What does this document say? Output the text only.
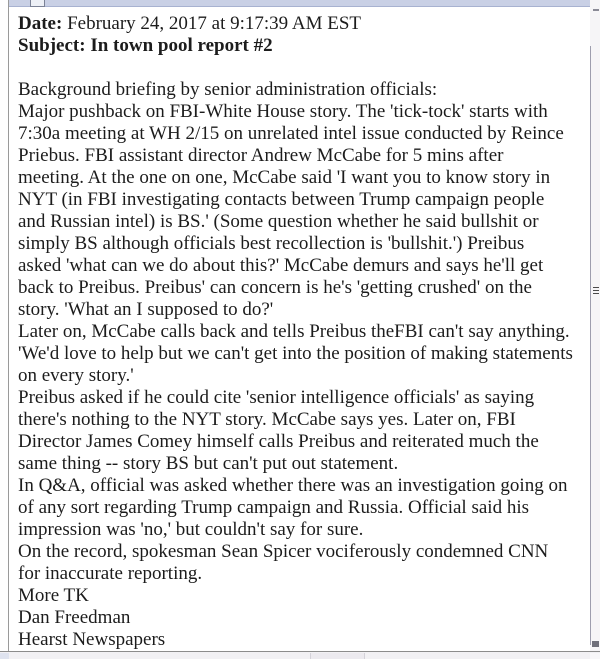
Date: February 24, 2017 at 9:17:39 AM EST
Subject: In town pool report #2
Background briefing by senior administration officials:
Major pushback on FBI-White House story. The 'tick-tock' starts with
7:30a meeting at WH 2/15 on unrelated intel issue conducted by Reince
Priebus. FBI assistant director Andrew McCabe for 5 mins after
meeting. At the one on one, McCabe said 'I want you to know story in
NYT (in FBI investigating contacts between Trump campaign people
and Russian intel) is BS.' (Some question whether he said bullshit or
simply BS although officials best recollection is 'bullshit.') Preibus
asked 'what can we do about this?' McCabe demurs and says he'll get
back to Preibus. Preibus' can concern is he's 'getting crushed' on the
story. 'What an I supposed to do?'
Later on, McCabe calls back and tells Preibus theFBI can't say anything.
'We'd love to help but we can't get into the position of making statements
on every story.'
Preibus asked if he could cite 'senior intelligence officials' as saying
there's nothing to the NYT story. McCabe says yes. Later on, FBI
Director James Comey himself calls Preibus and reiterated much the
same thing -- story BS but can't put out statement.
In Q&A, official was asked whether there was an investigation going on
of any sort regarding Trump campaign and Russia. Official said his
impression was 'no,' but couldn't say for sure.
On the record, spokesman Sean Spicer vociferously condemned CNN
for inaccurate reporting.
More TK
Dan Freedman
Hearst Newspapers
